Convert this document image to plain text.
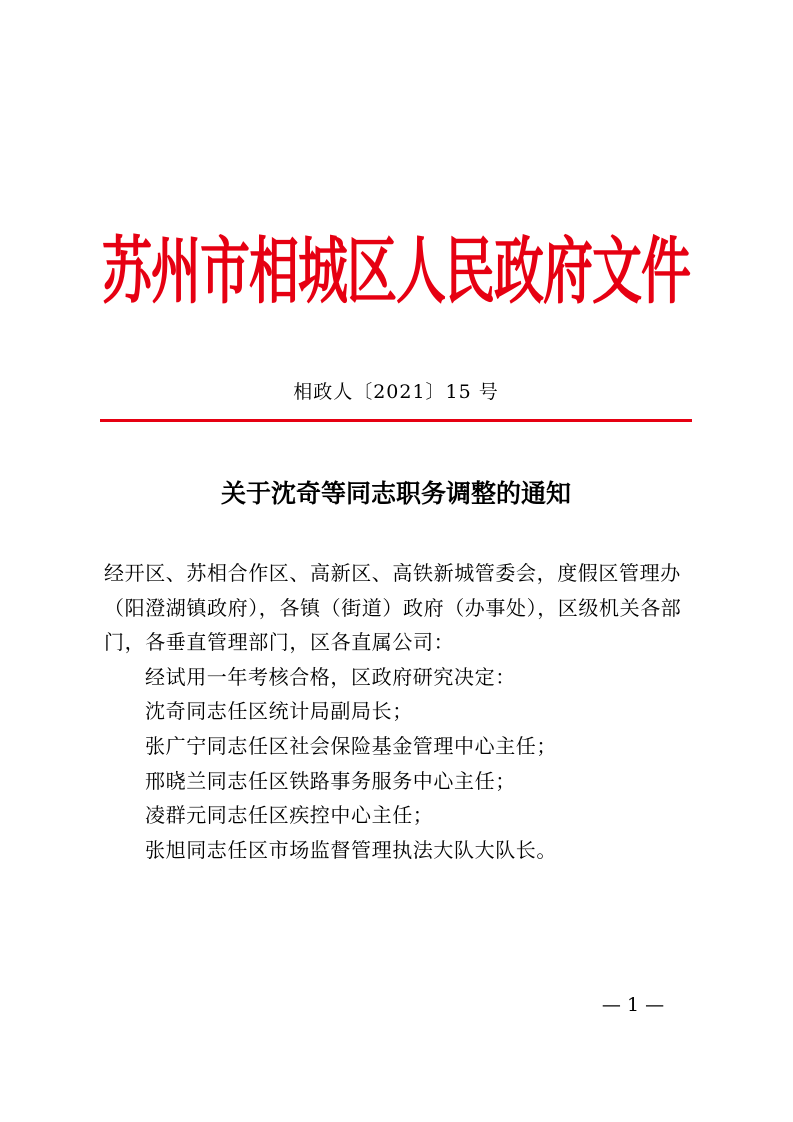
苏州市相城区人民政府文件
相政人〔2021〕15 号
关于沈奇等同志职务调整的通知

经开区、苏相合作区、高新区、高铁新城管委会，度假区管理办

（阳澄湖镇政府），各镇（街道）政府（办事处），区级机关各部

门，各垂直管理部门，区各直属公司：

经试用一年考核合格，区政府研究决定：

沈奇同志任区统计局副局长；

张广宁同志任区社会保险基金管理中心主任；

邢晓兰同志任区铁路事务服务中心主任；

凌群元同志任区疾控中心主任；

张旭同志任区市场监督管理执法大队大队长。

— 1 —
